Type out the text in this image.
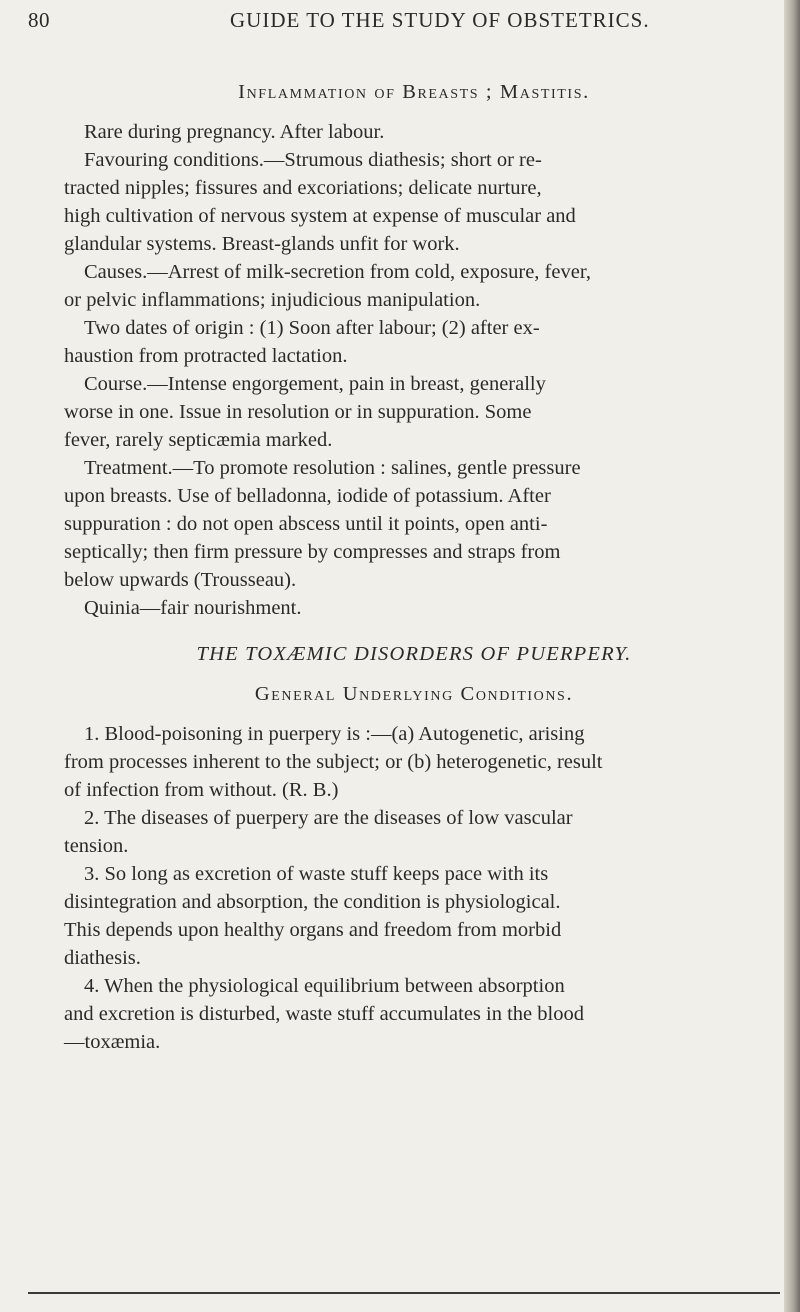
80	GUIDE TO THE STUDY OF OBSTETRICS.
Inflammation of Breasts ; Mastitis.
Rare during pregnancy. After labour.
Favouring conditions.—Strumous diathesis; short or re-
tracted nipples; fissures and excoriations; delicate nurture,
high cultivation of nervous system at expense of muscular and
glandular systems. Breast-glands unfit for work.
Causes.—Arrest of milk-secretion from cold, exposure, fever,
or pelvic inflammations; injudicious manipulation.
Two dates of origin : (1) Soon after labour; (2) after ex-
haustion from protracted lactation.
Course.—Intense engorgement, pain in breast, generally
worse in one. Issue in resolution or in suppuration. Some
fever, rarely septicæmia marked.
Treatment.—To promote resolution : salines, gentle pressure
upon breasts. Use of belladonna, iodide of potassium. After
suppuration : do not open abscess until it points, open anti-
septically; then firm pressure by compresses and straps from
below upwards (Trousseau).
Quinia—fair nourishment.
THE TOXÆMIC DISORDERS OF PUERPERY.
General Underlying Conditions.
1. Blood-poisoning in puerpery is :—(a) Autogenetic, arising
from processes inherent to the subject; or (b) heterogenetic, result
of infection from without. (R. B.)
2. The diseases of puerpery are the diseases of low vascular
tension.
3. So long as excretion of waste stuff keeps pace with its
disintegration and absorption, the condition is physiological.
This depends upon healthy organs and freedom from morbid
diathesis.
4. When the physiological equilibrium between absorption
and excretion is disturbed, waste stuff accumulates in the blood
—toxæmia.
